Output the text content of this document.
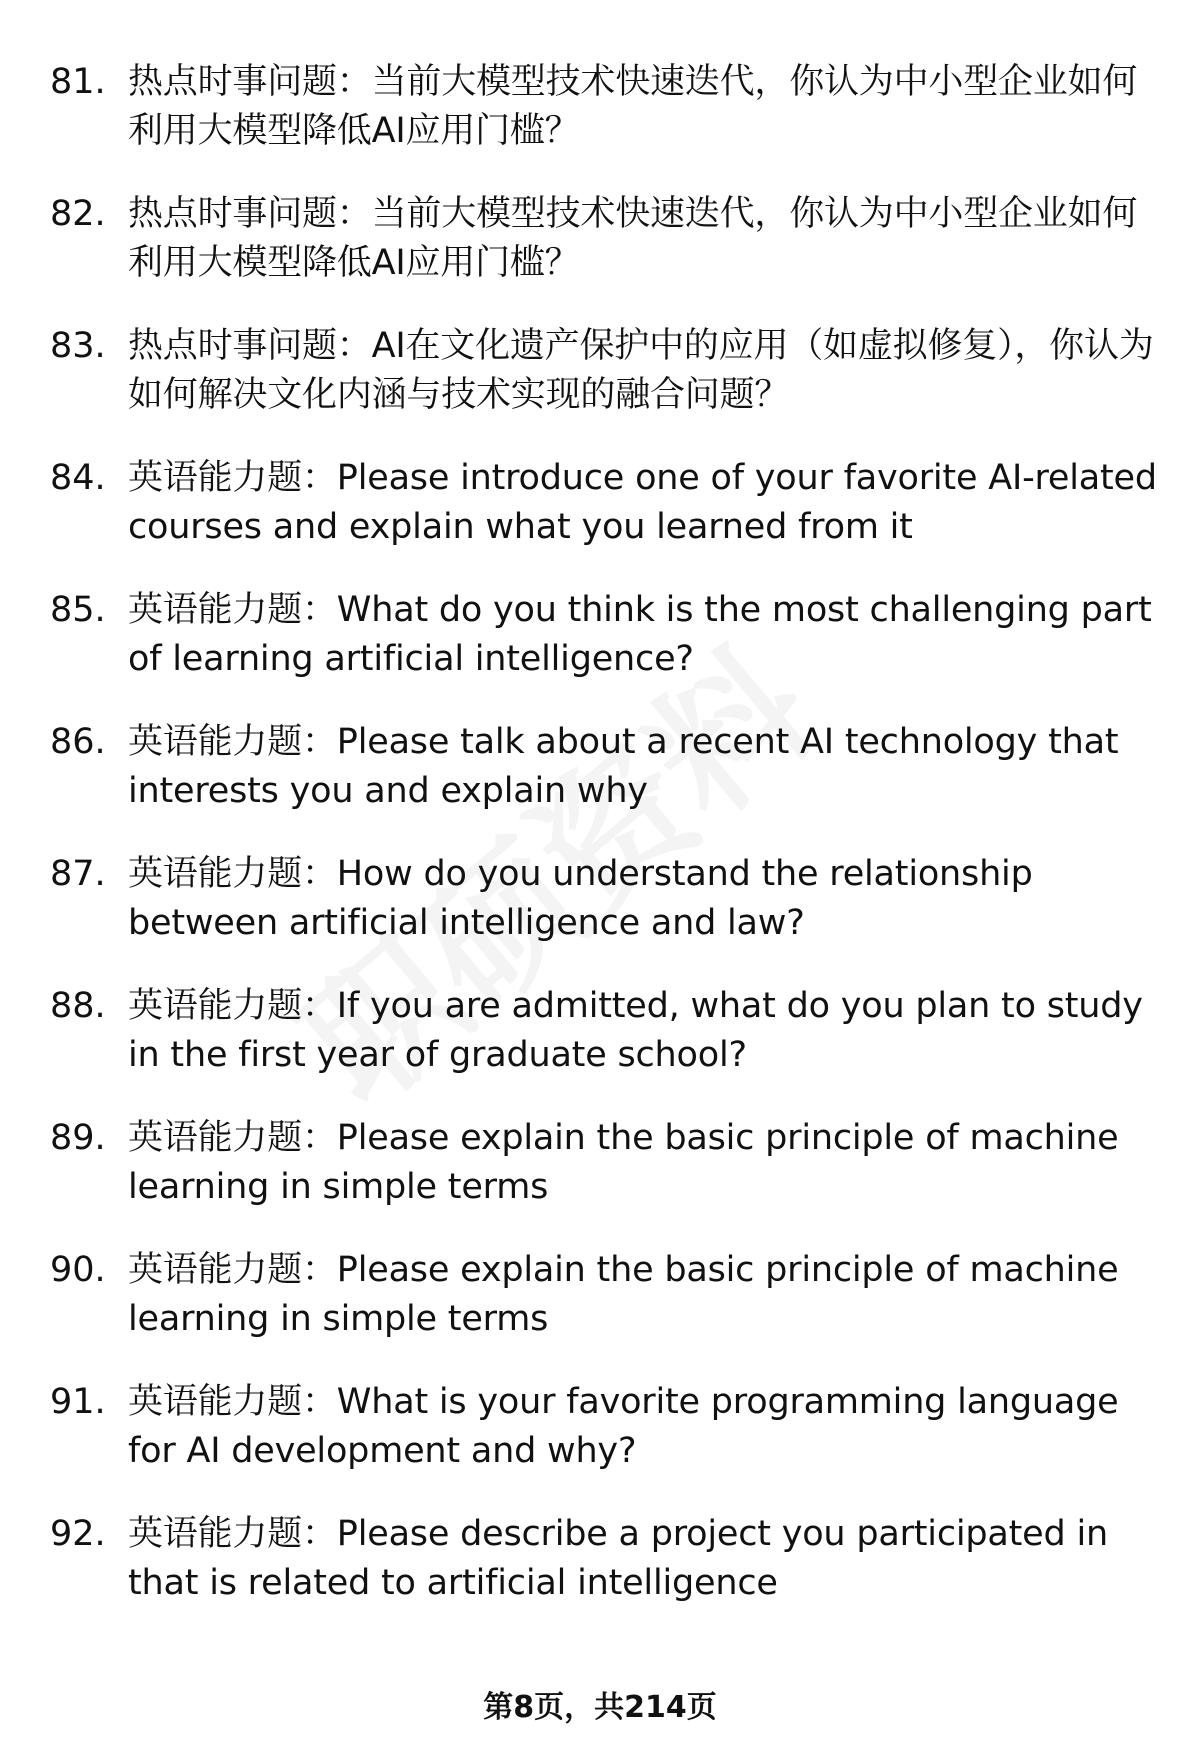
81. 热点时事问题：当前大模型技术快速迭代，你认为中小型企业如何利用大模型降低AI应用门槛？
82. 热点时事问题：当前大模型技术快速迭代，你认为中小型企业如何利用大模型降低AI应用门槛？
83. 热点时事问题：AI在文化遗产保护中的应用（如虚拟修复），你认为如何解决文化内涵与技术实现的融合问题？
84. 英语能力题：Please introduce one of your favorite AI-related courses and explain what you learned from it
85. 英语能力题：What do you think is the most challenging part of learning artificial intelligence?
86. 英语能力题：Please talk about a recent AI technology that interests you and explain why
87. 英语能力题：How do you understand the relationship between artificial intelligence and law?
88. 英语能力题：If you are admitted, what do you plan to study in the first year of graduate school?
89. 英语能力题：Please explain the basic principle of machine learning in simple terms
90. 英语能力题：Please explain the basic principle of machine learning in simple terms
91. 英语能力题：What is your favorite programming language for AI development and why?
92. 英语能力题：Please describe a project you participated in that is related to artificial intelligence
第8页，共214页
